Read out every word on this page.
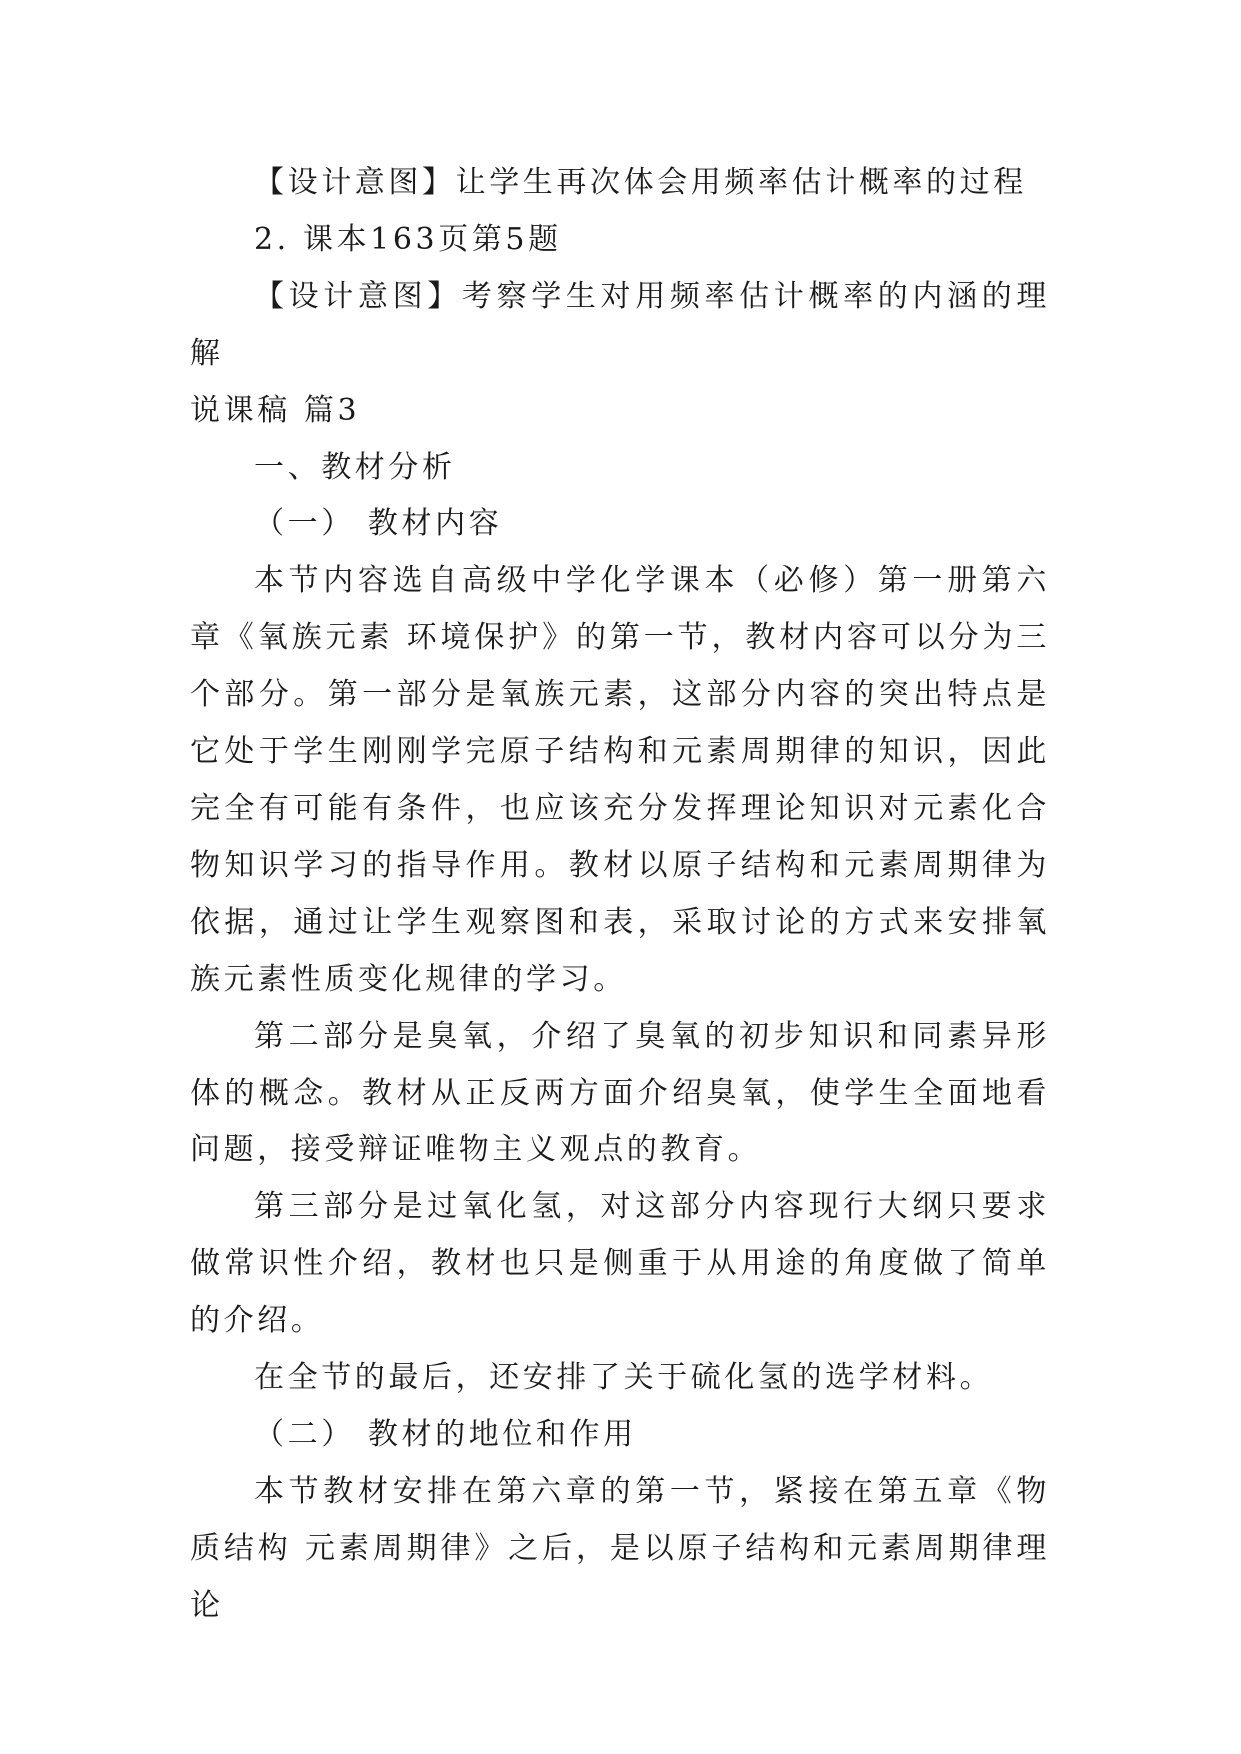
【设计意图】让学生再次体会用频率估计概率的过程

2. 课本163页第5题

【设计意图】考察学生对用频率估计概率的内涵的理解

说课稿 篇3

一、教材分析

（一） 教材内容

本节内容选自高级中学化学课本（必修）第一册第六章《氧族元素 环境保护》的第一节，教材内容可以分为三个部分。第一部分是氧族元素，这部分内容的突出特点是它处于学生刚刚学完原子结构和元素周期律的知识，因此完全有可能有条件，也应该充分发挥理论知识对元素化合物知识学习的指导作用。教材以原子结构和元素周期律为依据，通过让学生观察图和表，采取讨论的方式来安排氧族元素性质变化规律的学习。

第二部分是臭氧，介绍了臭氧的初步知识和同素异形体的概念。教材从正反两方面介绍臭氧，使学生全面地看问题，接受辩证唯物主义观点的教育。

第三部分是过氧化氢，对这部分内容现行大纲只要求做常识性介绍，教材也只是侧重于从用途的角度做了简单的介绍。

在全节的最后，还安排了关于硫化氢的选学材料。

（二） 教材的地位和作用

本节教材安排在第六章的第一节，紧接在第五章《物质结构 元素周期律》之后，是以原子结构和元素周期律理论
